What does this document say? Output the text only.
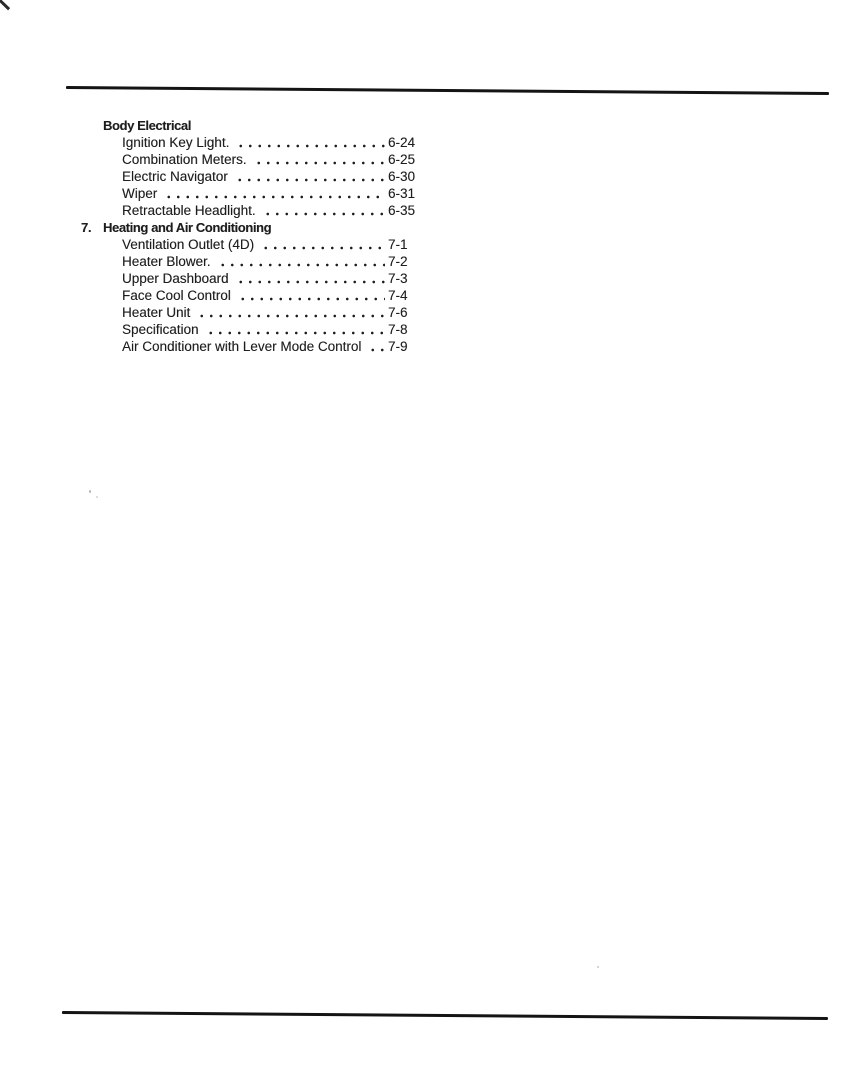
Body Electrical
Ignition Key Light.	6-24
Combination Meters.	6-25
Electric Navigator	6-30
Wiper	6-31
Retractable Headlight.	6-35
7. Heating and Air Conditioning
Ventilation Outlet (4D)	7-1
Heater Blower.	7-2
Upper Dashboard	7-3
Face Cool Control	7-4
Heater Unit	7-6
Specification	7-8
Air Conditioner with Lever Mode Control 7-9
